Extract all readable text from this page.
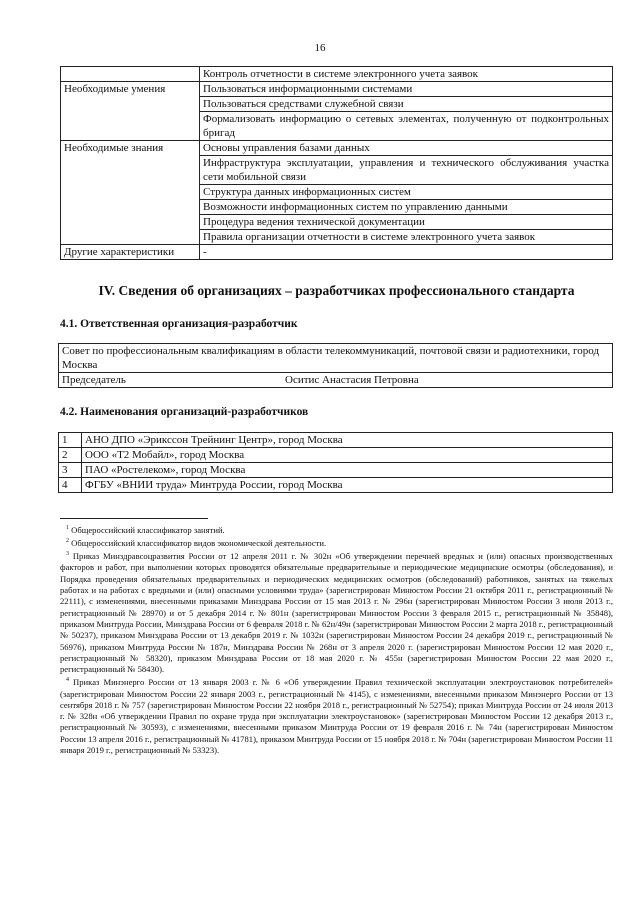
16
	Контроль отчетности в системе электронного учета заявок
Необходимые умения	Пользоваться информационными системами
	Пользоваться средствами служебной связи
	Формализовать информацию о сетевых элементах, полученную от подконтрольных бригад
Необходимые знания	Основы управления базами данных
	Инфраструктура эксплуатации, управления и технического обслуживания участка сети мобильной связи
	Структура данных информационных систем
	Возможности информационных систем по управлению данными
	Процедура ведения технической документации
	Правила организации отчетности в системе электронного учета заявок
Другие характеристики	-
IV. Сведения об организациях – разработчиках профессионального стандарта
4.1. Ответственная организация-разработчик
Совет по профессиональным квалификациям в области телекоммуникаций, почтовой связи и радиотехники, город Москва
Председатель	Оситис Анастасия Петровна
4.2. Наименования организаций-разработчиков
1	АНО ДПО «Эриксcон Трейнинг Центр», город Москва
2	ООО «Т2 Мобайл», город Москва
3	ПАО «Ростелеком», город Москва
4	ФГБУ «ВНИИ труда» Минтруда России, город Москва

$^1$ Общероссийский классификатор занятий.

$^2$ Общероссийский классификатор видов экономической деятельности.

$^3$ Приказ Минздравсоцразвития России от 12 апреля 2011 г. № 302н «Об утверждении перечней вредных и (или) опасных производственных факторов и работ, при выполнении которых проводятся обязательные предварительные и периодические медицинские осмотры (обследования), и Порядка проведения обязательных предварительных и периодических медицинских осмотров (обследований) работников, занятых на тяжелых работах и на работах с вредными и (или) опасными условиями труда» (зарегистрирован Минюстом России 21 октября 2011 г., регистрационный № 22111), с изменениями, внесенными приказами Минздрава России от 15 мая 2013 г. № 296н (зарегистрирован Минюстом России 3 июля 2013 г., регистрационный № 28970) и от 5 декабря 2014 г. № 801н (зарегистрирован Минюстом России 3 февраля 2015 г., регистрационный № 35848), приказом Минтруда России, Минздрава России от 6 февраля 2018 г. № 62н/49н (зарегистрирован Минюстом России 2 марта 2018 г., регистрационный № 50237), приказом Минздрава России от 13 декабря 2019 г. № 1032н (зарегистрирован Минюстом России 24 декабря 2019 г., регистрационный № 56976), приказом Минтруда России № 187н, Минздрава России № 268н от 3 апреля 2020 г. (зарегистрирован Минюстом России 12 мая 2020 г., регистрационный № 58320), приказом Минздрава России от 18 мая 2020 г. № 455н (зарегистрирован Минюстом России 22 мая 2020 г., регистрационный № 58430).

$^4$ Приказ Минэнерго России от 13 января 2003 г. № 6 «Об утверждении Правил технической эксплуатации электроустановок потребителей» (зарегистрирован Минюстом России 22 января 2003 г., регистрационный № 4145), с изменениями, внесенными приказом Минэнерго России от 13 сентября 2018 г. № 757 (зарегистрирован Минюстом России 22 ноября 2018 г., регистрационный № 52754); приказ Минтруда России от 24 июля 2013 г. № 328н «Об утверждении Правил по охране труда при эксплуатации электроустановок» (зарегистрирован Минюстом России 12 декабря 2013 г., регистрационный № 30593), с изменениями, внесенными приказом Минтруда России от 19 февраля 2016 г. № 74н (зарегистрирован Минюстом России 13 апреля 2016 г., регистрационный № 41781), приказом Минтруда России от 15 ноября 2018 г. № 704н (зарегистрирован Минюстом России 11 января 2019 г., регистрационный № 53323).
